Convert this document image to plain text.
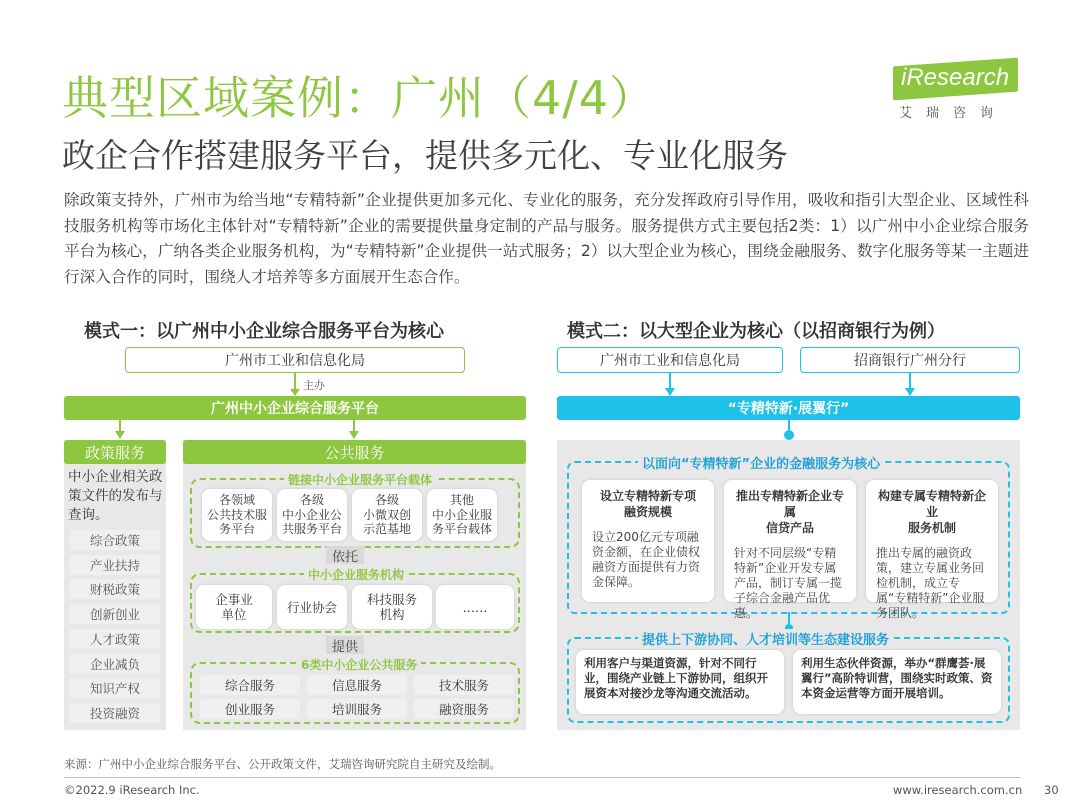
典型区域案例：广州（4/4）
政企合作搭建服务平台，提供多元化、专业化服务
iResearch
艾瑞咨询
除政策支持外，广州市为给当地“专精特新”企业提供更加多元化、专业化的服务，充分发挥政府引导作用，吸收和指引大型企业、区域性科技服务机构等市场化主体针对“专精特新”企业的需要提供量身定制的产品与服务。服务提供方式主要包括2类：1）以广州中小企业综合服务平台为核心，广纳各类企业服务机构，为“专精特新”企业提供一站式服务；2）以大型企业为核心，围绕金融服务、数字化服务等某一主题进行深入合作的同时，围绕人才培养等多方面展开生态合作。
模式一：以广州中小企业综合服务平台为核心
广州市工业和信息化局
主办
广州中小企业综合服务平台
政策服务
中小企业相关政策文件的发布与查询。
综合政策
产业扶持
财税政策
创新创业
人才政策
企业减负
知识产权
投资融资
公共服务
链接中小企业服务平台载体
各领域
公共技术服
务平台
各级
中小企业公
共服务平台
各级
小微双创
示范基地
其他
中小企业服
务平台载体
依托
中小企业服务机构
企事业
单位	行业协会	科技服务
机构	……
提供
6类中小企业公共服务
综合服务	信息服务	技术服务
创业服务	培训服务	融资服务
模式二：以大型企业为核心（以招商银行为例）
广州市工业和信息化局	招商银行广州分行
“专精特新·展翼行”
以面向“专精特新”企业的金融服务为核心
设立专精特新专项
融资规模
设立200亿元专项融资金额，在企业债权融资方面提供有力资金保障。
推出专精特新企业专属
信贷产品
针对不同层级“专精特新”企业开发专属产品，制订专属一揽子综合金融产品优惠。
构建专属专精特新企业
服务机制
推出专属的融资政策，建立专属业务回检机制，成立专属“专精特新”企业服务团队。
提供上下游协同、人才培训等生态建设服务
利用客户与渠道资源，针对不同行业，围绕产业链上下游协同，组织开展资本对接沙龙等沟通交流活动。
利用生态伙伴资源，举办“群鹰荟·展翼行”高阶特训营，围绕实时政策、资本资金运营等方面开展培训。
来源：广州中小企业综合服务平台、公开政策文件，艾瑞咨询研究院自主研究及绘制。
©2022.9 iResearch Inc.	www.iresearch.com.cn 30
